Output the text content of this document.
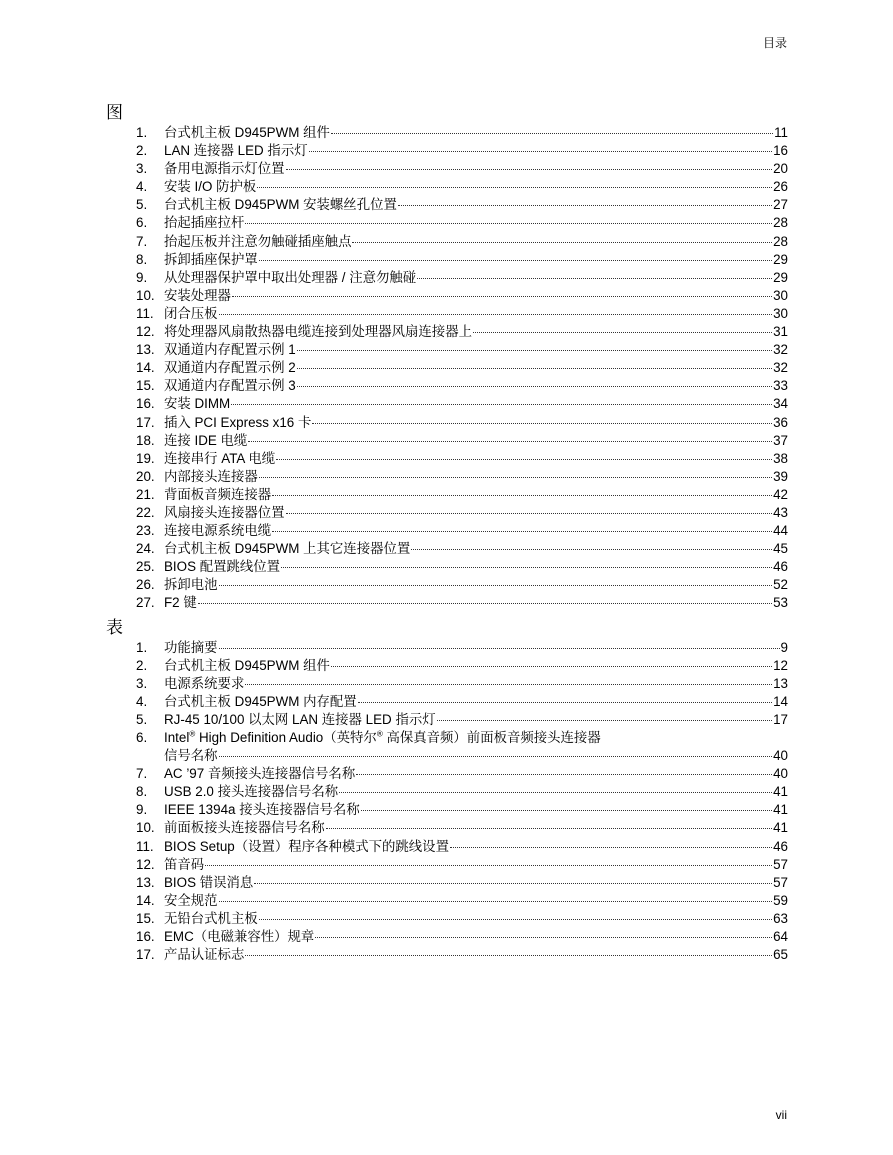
目录
图
1.	台式机主板 D945PWM 组件	11
2.	LAN 连接器 LED 指示灯	16
3.	备用电源指示灯位置	20
4.	安装 I/O 防护板	26
5.	台式机主板 D945PWM 安装螺丝孔位置	27
6.	抬起插座拉杆	28
7.	抬起压板并注意勿触碰插座触点	28
8.	拆卸插座保护罩	29
9.	从处理器保护罩中取出处理器 / 注意勿触碰	29
10. 安装处理器	30
11. 闭合压板	30
12. 将处理器风扇散热器电缆连接到处理器风扇连接器上	31
13. 双通道内存配置示例 1	32
14. 双通道内存配置示例 2	32
15. 双通道内存配置示例 3	33
16. 安装 DIMM	34
17. 插入 PCI Express x16 卡	36
18. 连接 IDE 电缆	37
19. 连接串行 ATA 电缆	38
20. 内部接头连接器	39
21. 背面板音频连接器	42
22. 风扇接头连接器位置	43
23. 连接电源系统电缆	44
24. 台式机主板 D945PWM 上其它连接器位置	45
25. BIOS 配置跳线位置	46
26. 拆卸电池	52
27. F2 键	53
表
1.	功能摘要	9
2.	台式机主板 D945PWM 组件	12
3.	电源系统要求	13
4.	台式机主板 D945PWM 内存配置	14
5.	RJ-45 10/100 以太网 LAN 连接器 LED 指示灯	17
6.	Intel® High Definition Audio（英特尔® 高保真音频）前面板音频接头连接器
信号名称	40
7.	AC ’97 音频接头连接器信号名称	40
8.	USB 2.0 接头连接器信号名称	41
9.	IEEE 1394a 接头连接器信号名称	41
10. 前面板接头连接器信号名称	41
11. BIOS Setup（设置）程序各种模式下的跳线设置	46
12. 笛音码	57
13. BIOS 错误消息	57
14. 安全规范	59
15. 无铅台式机主板	63
16. EMC（电磁兼容性）规章	64
17. 产品认证标志	65
vii
